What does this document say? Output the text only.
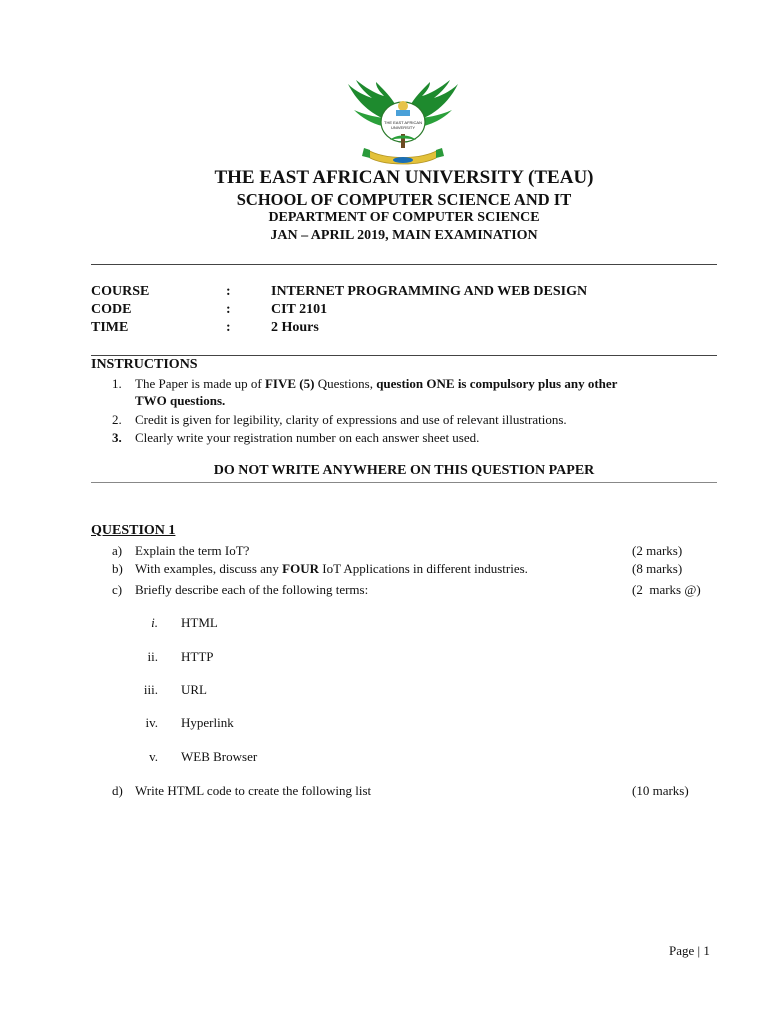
THE EAST AFRICAN
UNIVERSITY
THE EAST AFRICAN UNIVERSITY (TEAU)
SCHOOL OF COMPUTER SCIENCE AND IT
DEPARTMENT OF COMPUTER SCIENCE
JAN – APRIL 2019, MAIN EXAMINATION
COURSE	:	INTERNET PROGRAMMING AND WEB DESIGN
CODE	:	CIT 2101
TIME	:	2 Hours
INSTRUCTIONS
1. The Paper is made up of FIVE (5) Questions, question ONE is compulsory plus any other
TWO questions.
2. Credit is given for legibility, clarity of expressions and use of relevant illustrations.
3. Clearly write your registration number on each answer sheet used.
DO NOT WRITE ANYWHERE ON THIS QUESTION PAPER
QUESTION 1
a) Explain the term IoT?	(2 marks)
b) With examples, discuss any FOUR IoT Applications in different industries.	(8 marks)
c) Briefly describe each of the following terms:	(2  marks @)
i. HTML
ii. HTTP
iii. URL
iv. Hyperlink
v. WEB Browser
d) Write HTML code to create the following list	(10 marks)
Page | 1
